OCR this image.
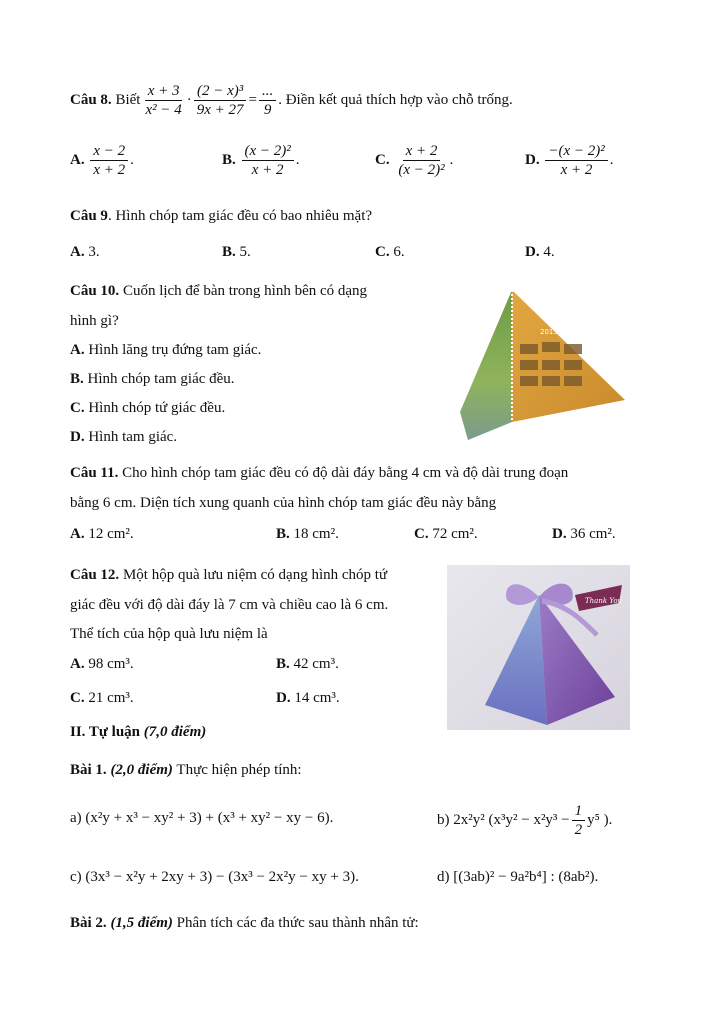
Câu 8.
Biết $\frac{x + 3}{\text{x² − 4}} \cdot \frac{\text{(2 − x)³}}{9x + 27} = \frac{...}{9}$ . Điền kết quả thích hợp vào chỗ trống.
A.
$\frac{x - 2}{x + 2}$ .	B.
$\frac{\text{(x − 2)²}}{x + 2}$ .	C.
$\frac{x + 2}{\text{(x − 2)²}}$ .	D.
$\frac{\text{−(x − 2)²}}{x + 2}$ .
Câu 9. Hình chóp tam giác đều có bao nhiêu mặt?
A. 3.	B. 5.	C. 6.	D. 4.
Câu 10. Cuốn lịch để bàn trong hình bên có dạng
hình gì?
A. Hình lăng trụ đứng tam giác.
B. Hình chóp tam giác đều.
C. Hình chóp tứ giác đều.
D. Hình tam giác.
2015
Câu 11. Cho hình chóp tam giác đều có độ dài đáy bằng 4 cm và độ dài trung đoạn
bằng 6 cm. Diện tích xung quanh của hình chóp tam giác đều này bằng
A. 12 cm².	B. 18 cm².	C. 72 cm².	D. 36 cm².
Câu 12. Một hộp quà lưu niệm có dạng hình chóp tứ
giác đều với độ dài đáy là 7 cm và chiều cao là 6 cm.
Thể tích của hộp quà lưu niệm là
A. 98 cm³.	B. 42 cm³.
C. 21 cm³.	D. 14 cm³.
Thank You
II. Tự luận (7,0 điểm)
Bài 1. (2,0 điểm) Thực hiện phép tính:
a) (x²y + x³ − xy² + 3) + (x³ + xy² − xy − 6).	b) 2x²y² ($x^3y^2 - x^2y^3 - \frac{1}{2} y^5$ ).
c) (3x³ − x²y + 2xy + 3) − (3x³ − 2x²y − xy + 3).	d) [(3ab)² − 9a²b⁴] : (8ab²).
Bài 2. (1,5 điểm) Phân tích các đa thức sau thành nhân tử:
